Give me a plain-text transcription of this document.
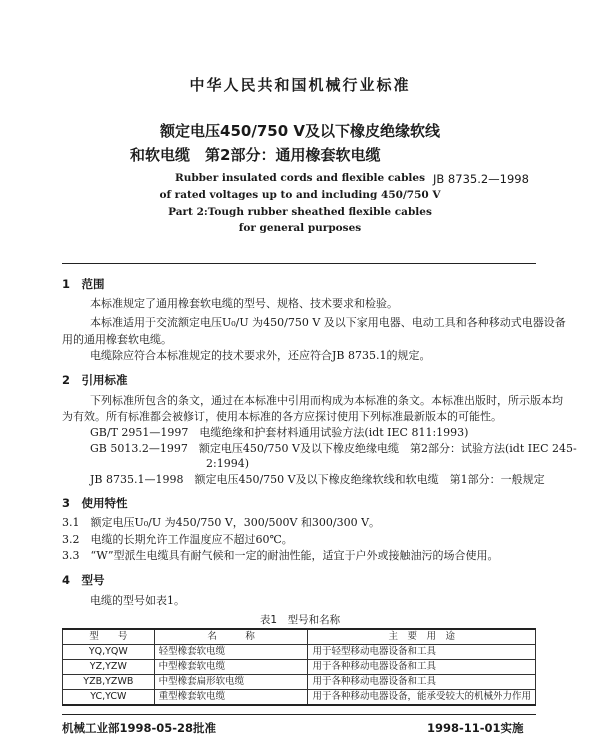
中华人民共和国机械行业标准
额定电压450/750 V及以下橡皮绝缘软线
和软电缆　第2部分：通用橡套软电缆
JB 8735.2—1998
Rubber insulated cords and flexible cables
of rated voltages up to and including 450/750 V
Part 2:Tough rubber sheathed flexible cables
for general purposes
1　范围
本标准规定了通用橡套软电缆的型号、规格、技术要求和检验。
本标准适用于交流额定电压U₀/U 为450/750 V 及以下家用电器、电动工具和各种移动式电器设备
用的通用橡套软电缆。
电缆除应符合本标准规定的技术要求外，还应符合JB 8735.1的规定。
2　引用标准
下列标准所包含的条文，通过在本标准中引用而构成为本标准的条文。本标准出版时，所示版本均
为有效。所有标准都会被修订，使用本标准的各方应探讨使用下列标准最新版本的可能性。
GB/T 2951—1997　电缆绝缘和护套材料通用试验方法(idt IEC 811:1993)
GB 5013.2—1997　额定电压450/750 V及以下橡皮绝缘电缆　第2部分：试验方法(idt IEC 245-
2:1994)
JB 8735.1—1998　额定电压450/750 V及以下橡皮绝缘软线和软电缆　第1部分：一般规定
3　使用特性
3.1　额定电压U₀/U 为450/750 V，300/500V 和300/300 V。
3.2　电缆的长期允许工作温度应不超过60℃。
3.3　“W”型派生电缆具有耐气候和一定的耐油性能，适宜于户外或接触油污的场合使用。
4　型号
电缆的型号如表1。
表1　型号和名称
型　　号	名　　　称	主　要　用　途
YQ,YQW	轻型橡套软电缆	用于轻型移动电器设备和工具
YZ,YZW	中型橡套软电缆	用于各种移动电器设备和工具
YZB,YZWB	中型橡套扁形软电缆	用于各种移动电器设备和工具
YC,YCW	重型橡套软电缆	用于各种移动电器设备，能承受较大的机械外力作用
机械工业部1998-05-28批准	1998-11-01实施
